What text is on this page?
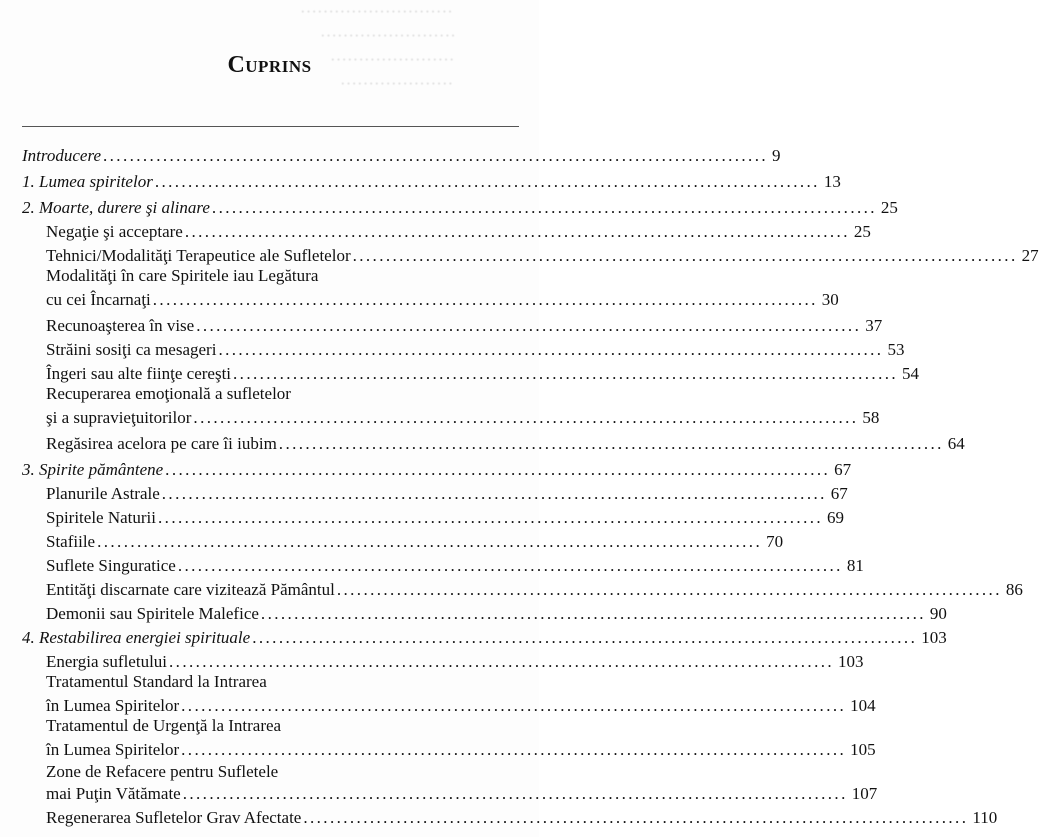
···························
························
······················
····················
Cuprins
Introducere .................................................................................................... 9
1. Lumea spiritelor .................................................................................................... 13
2. Moarte, durere şi alinare .................................................................................................... 25
Negaţie şi acceptare .................................................................................................... 25
Tehnici/Modalităţi Terapeutice ale Sufletelor .................................................................................................... 27
Modalităţi în care Spiritele iau Legătura
cu cei Încarnaţi .................................................................................................... 30
Recunoaşterea în vise .................................................................................................... 37
Străini sosiţi ca mesageri .................................................................................................... 53
Îngeri sau alte fiinţe cereşti .................................................................................................... 54
Recuperarea emoţională a sufletelor
şi a supravieţuitorilor .................................................................................................... 58
Regăsirea acelora pe care îi iubim .................................................................................................... 64
3. Spirite pământene .................................................................................................... 67
Planurile Astrale .................................................................................................... 67
Spiritele Naturii .................................................................................................... 69
Stafiile .................................................................................................... 70
Suflete Singuratice .................................................................................................... 81
Entităţi discarnate care vizitează Pământul .................................................................................................... 86
Demonii sau Spiritele Malefice .................................................................................................... 90
4. Restabilirea energiei spirituale .................................................................................................... 103
Energia sufletului .................................................................................................... 103
Tratamentul Standard la Intrarea
în Lumea Spiritelor .................................................................................................... 104
Tratamentul de Urgenţă la Intrarea
în Lumea Spiritelor .................................................................................................... 105
Zone de Refacere pentru Sufletele
mai Puţin Vătămate .................................................................................................... 107
Regenerarea Sufletelor Grav Afectate .................................................................................................... 110
